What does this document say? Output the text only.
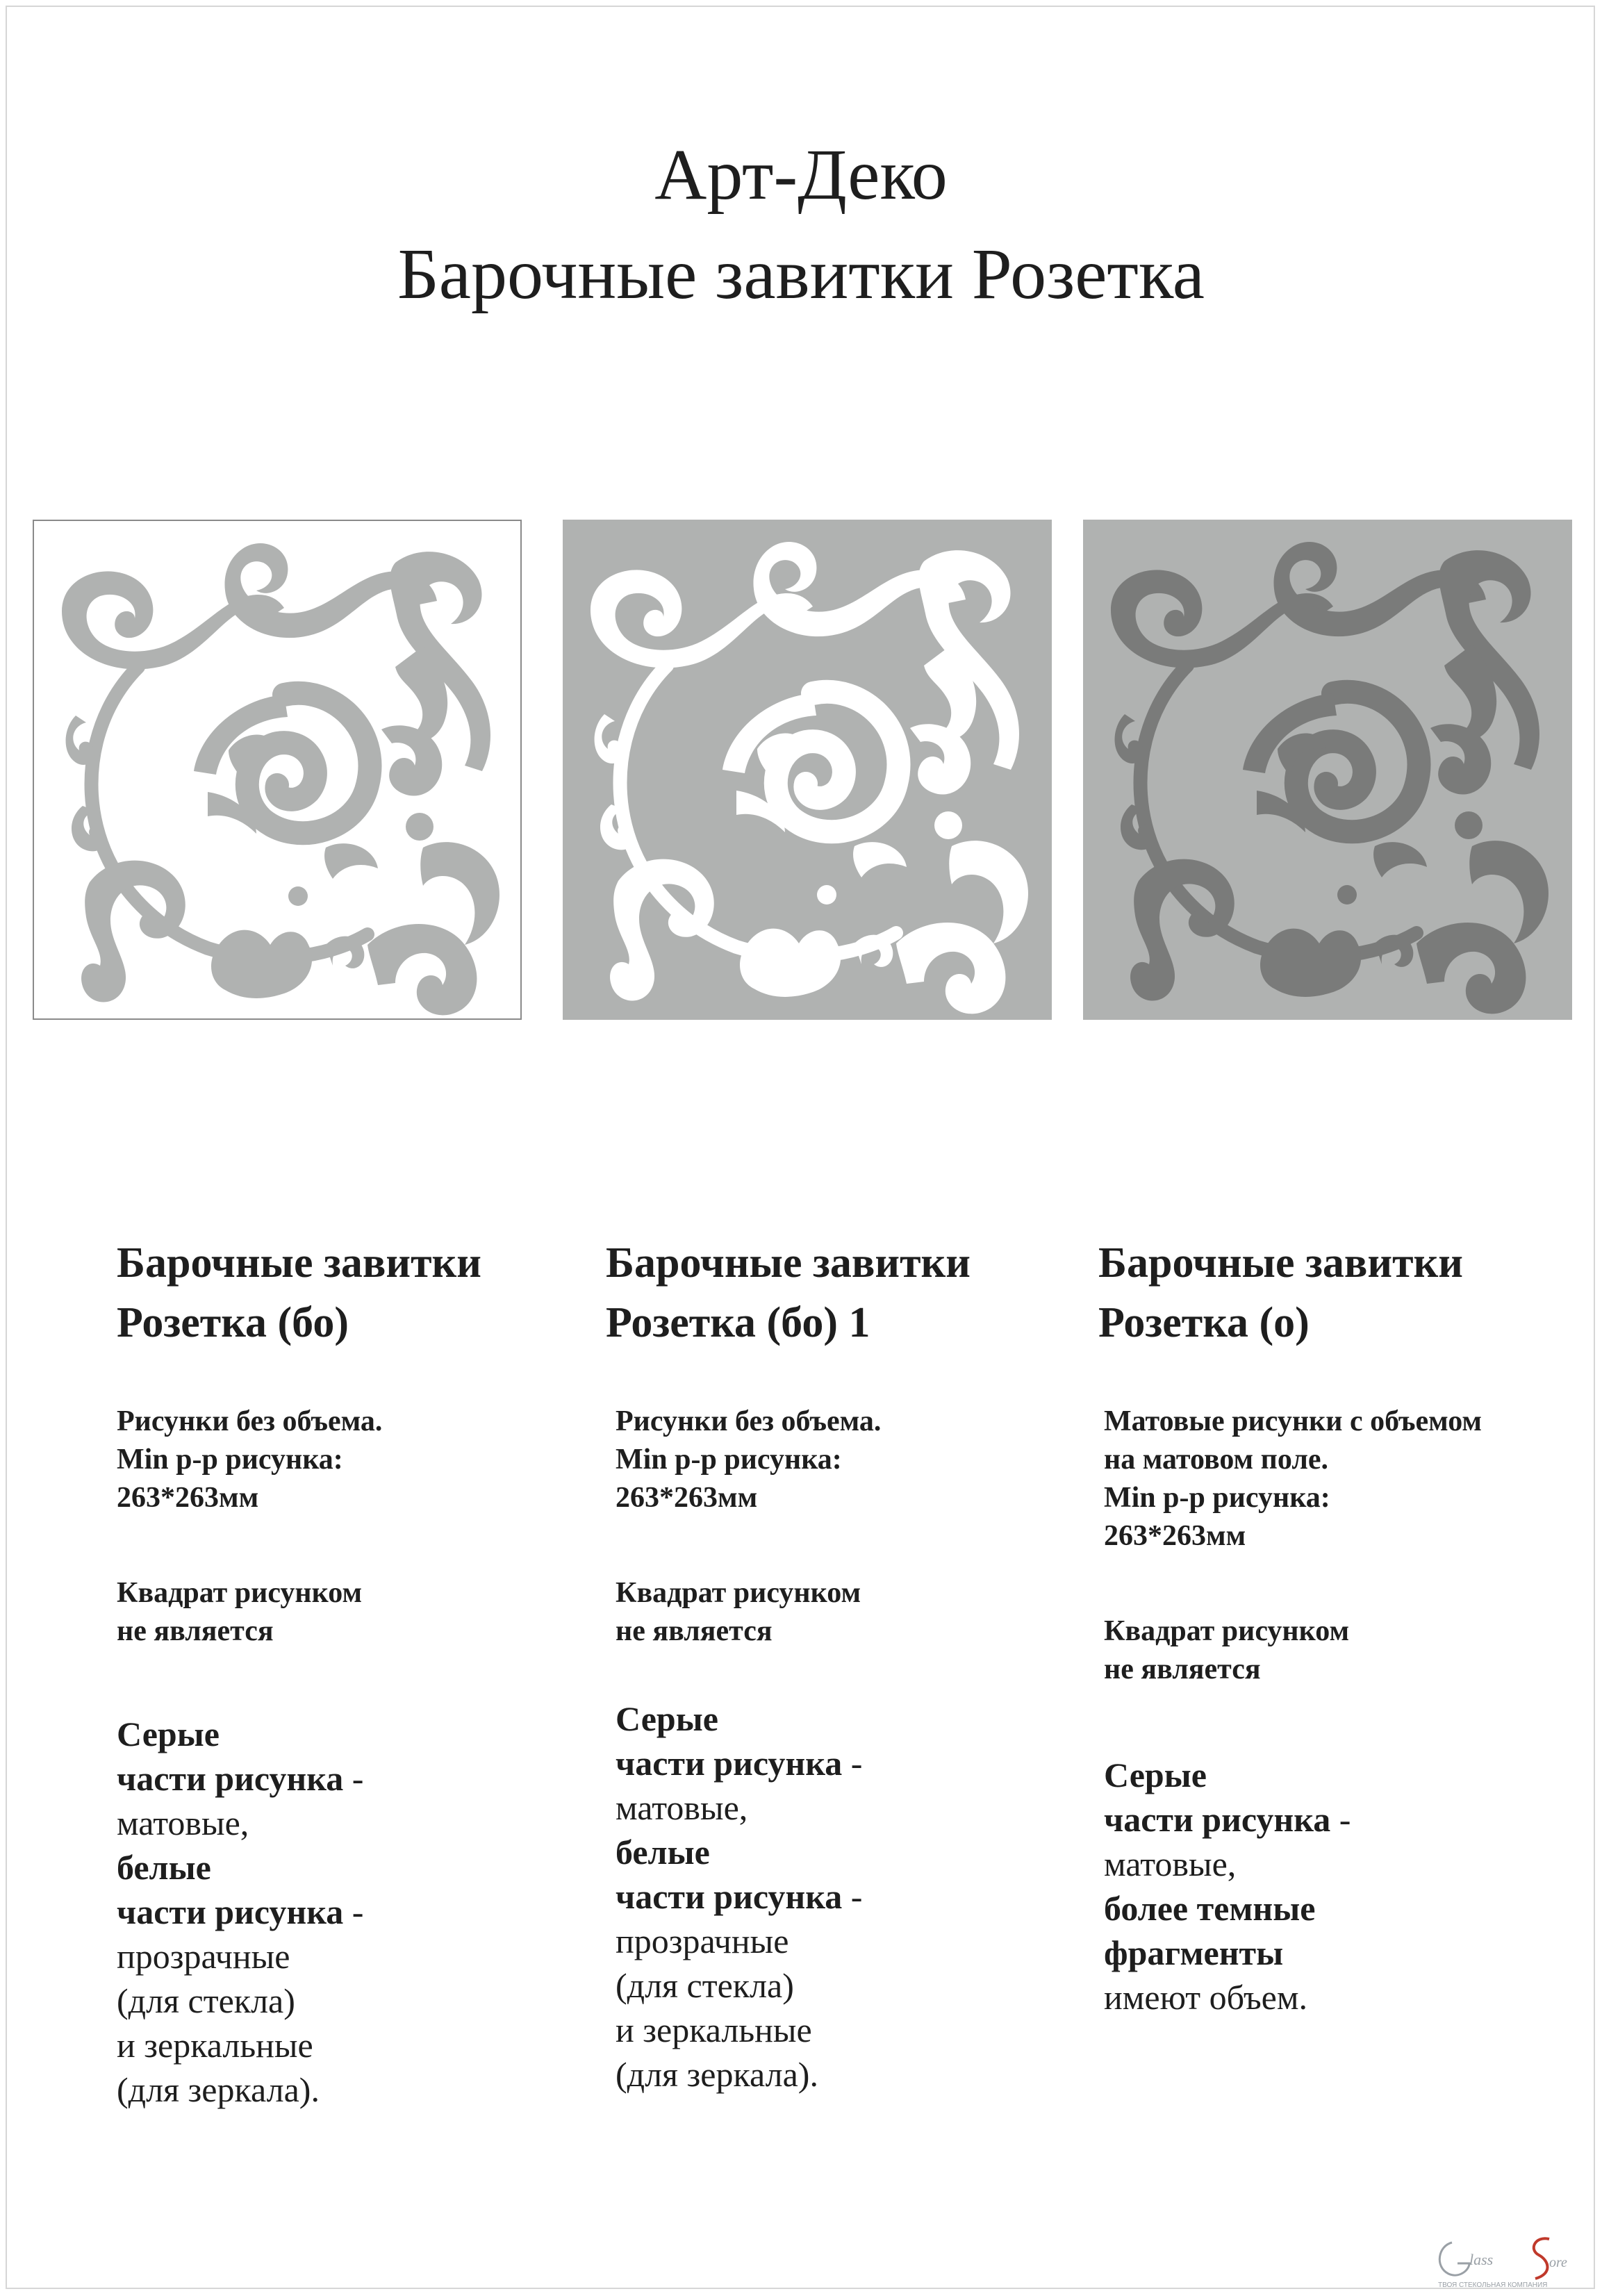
Арт-Деко
Барочные завитки Розетка
Барочные завитки
Розетка (бо)
Рисунки без объема.
Min р-р рисунка:
263*263мм
Квадрат рисунком
не является
Серые
части рисунка -
матовые,
белые
части рисунка -
прозрачные
(для стекла)
и зеркальные
(для зеркала).
Барочные завитки
Розетка (бо) 1
Рисунки без объема.
Min р-р рисунка:
263*263мм
Квадрат рисунком
не является
Серые
части рисунка -
матовые,
белые
части рисунка -
прозрачные
(для стекла)
и зеркальные
(для зеркала).
Барочные завитки
Розетка (о)
Матовые рисунки с объемом
на матовом поле.
Min р-р рисунка:
263*263мм
Квадрат рисунком
не является
Серые
части рисунка -
матовые,
более темные
фрагменты
имеют объем.
lass	ore
ТВОЯ СТЕКОЛЬНАЯ КОМПАНИЯ
